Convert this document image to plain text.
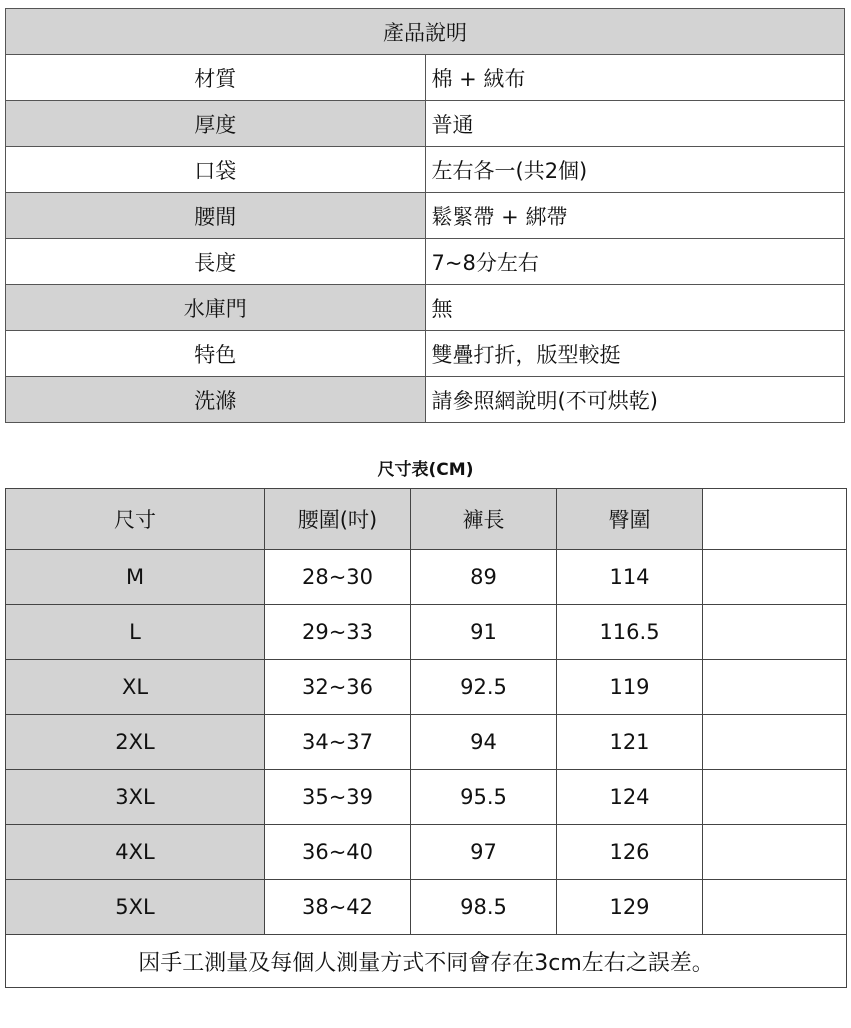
產品說明	
材質	棉 + 絨布
厚度	普通
口袋	左右各一(共2個)
腰間	鬆緊帶 + 綁帶
長度	7~8分左右
水庫門	無
特色	雙疊打折，版型較挺
洗滌	請參照網說明(不可烘乾)
尺寸表(CM)
尺寸	腰圍(吋)	褲長	臀圍	
M	28~30	89	114	
L	29~33	91	116.5	
XL	32~36	92.5	119	
2XL	34~37	94	121	
3XL	35~39	95.5	124	
4XL	36~40	97	126	
5XL	38~42	98.5	129	
因手工測量及每個人測量方式不同會存在3cm左右之誤差。				
